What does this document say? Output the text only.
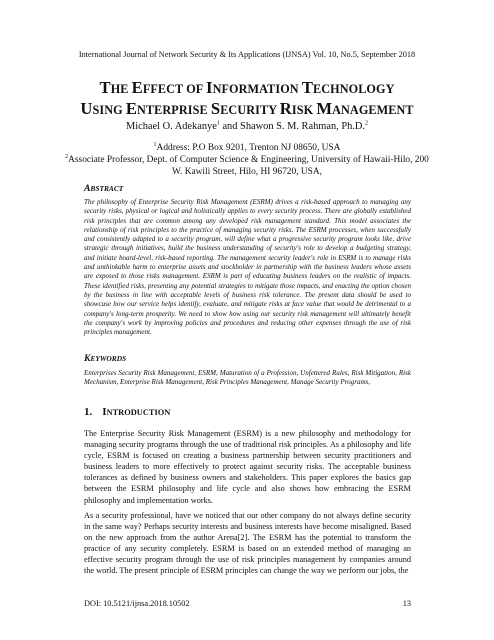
International Journal of Network Security & Its Applications (IJNSA) Vol. 10, No.5, September 2018
THE EFFECT OF INFORMATION TECHNOLOGY
USING ENTERPRISE SECURITY RISK MANAGEMENT
Michael O. Adekanye$^1$ and Shawon S. M. Rahman, Ph.D.$^2$
$^1$Address: P.O Box 9201, Trenton NJ 08650, USA
$^2$Associate Professor, Dept. of Computer Science & Engineering, University of Hawaii-Hilo, 200 W. Kawili Street, Hilo, HI 96720, USA,
ABSTRACT
The philosophy of Enterprise Security Risk Management (ESRM) drives a risk-based approach to managing any security risks, physical or logical and holistically applies to every security process. There are globally established risk principles that are common among any developed risk management standard. This model associates the relationship of risk principles to the practice of managing security risks. The ESRM processes, when successfully and consistently adapted to a security program, will define what a progressive security program looks like, drive strategic through initiatives, build the business understanding of security's role to develop a budgeting strategy, and initiate board-level, risk-based reporting. The management security leader's role in ESRM is to manage risks and unthinkable harm to enterprise assets and stockholder in partnership with the business leaders whose assets are exposed to those risks management. ESRM is part of educating business leaders on the realistic of impacts. These identified risks, presenting any potential strategies to mitigate those impacts, and enacting the option chosen by the business in line with acceptable levels of business risk tolerance. The present data should be used to showcase how our service helps identify, evaluate, and mitigate risks at face value that would be detrimental to a company's long-term prosperity. We need to show how using our security risk management will ultimately benefit the company's work by improving policies and procedures and reducing other expenses through the use of risk principles management.
KEYWORDS
Enterprises Security Risk Management, ESRM, Maturation of a Profession, Unfettered Rules, Risk Mitigation, Risk Mechanism, Enterprise Risk Management, Risk Principles Management, Manage Security Programs,
1. INTRODUCTION
The Enterprise Security Risk Management (ESRM) is a new philosophy and methodology for managing security programs through the use of traditional risk principles. As a philosophy and life cycle, ESRM is focused on creating a business partnership between security practitioners and business leaders to more effectively to protect against security risks. The acceptable business tolerances as defined by business owners and stakeholders. This paper explores the basics gap between the ESRM philosophy and life cycle and also shows how embracing the ESRM philosophy and implementation works.
As a security professional, have we noticed that our other company do not always define security in the same way? Perhaps security interests and business interests have become misaligned. Based on the new approach from the author Arena[2]. The ESRM has the potential to transform the practice of any security completely. ESRM is based on an extended method of managing an effective security program through the use of risk principles management by companies around the world. The present principle of ESRM principles can change the way we perform our jobs, the
DOI: 10.5121/ijnsa.2018.10502	13
